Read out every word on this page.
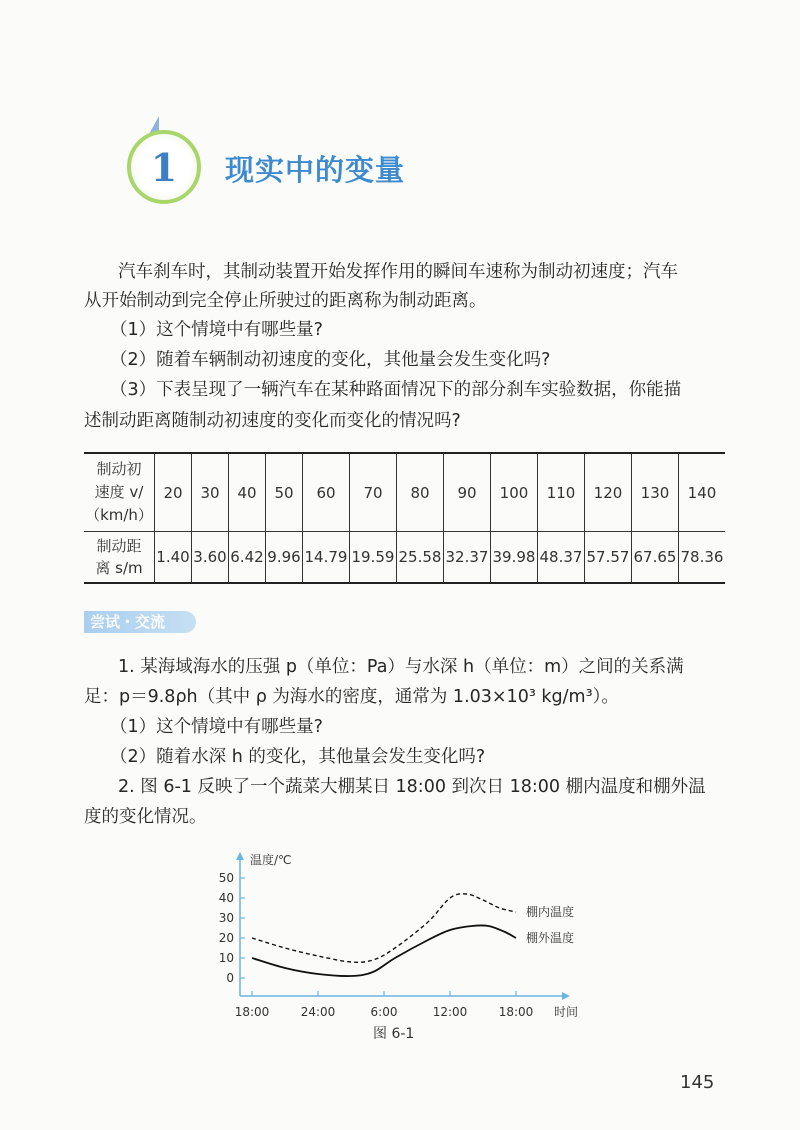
1 现实中的变量
汽车刹车时，其制动装置开始发挥作用的瞬间车速称为制动初速度；汽车
从开始制动到完全停止所驶过的距离称为制动距离。
（1）这个情境中有哪些量?
（2）随着车辆制动初速度的变化，其他量会发生变化吗?
（3）下表呈现了一辆汽车在某种路面情况下的部分刹车实验数据，你能描
述制动距离随制动初速度的变化而变化的情况吗?
制动初
速度 v/
（km/h）	20	30	40	50	60	70	80	90	100	110	120	130	140

制动距
离 s/m	1.40	3.60	6.42	9.96	14.79	19.59	25.58	32.37	39.98	48.37	57.57	67.65	78.36
尝试・交流
1. 某海域海水的压强 p（单位：Pa）与水深 h（单位：m）之间的关系满
足：p＝9.8ρh（其中 ρ 为海水的密度，通常为 1.03×10³ kg/m³）。
（1）这个情境中有哪些量?
（2）随着水深 h 的变化，其他量会发生变化吗?
2. 图 6-1 反映了一个蔬菜大棚某日 18:00 到次日 18:00 棚内温度和棚外温
度的变化情况。
0
10
20
30
40
50
18:00	24:00	6:00	12:00	18:00
温度/℃
时间
棚内温度
棚外温度
图 6-1
145
